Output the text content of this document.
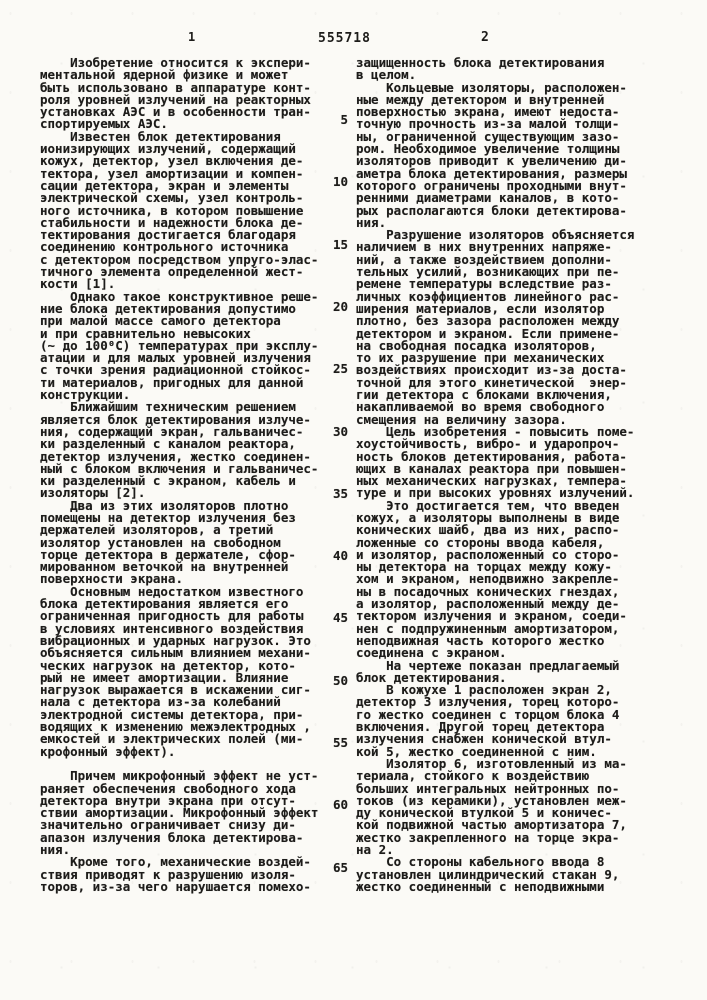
1	555718	2
Изобретение относится к экспери-
ментальной ядерной физике и может
быть использовано в аппаратуре конт-
роля уровней излучений на реакторных
установках АЭС и в особенности тран-
спортируемых АЭС.
Известен блок детектирования
ионизирующих излучений, содержащий
кожух, детектор, узел включения де-
тектора, узел амортизации и компен-
сации детектора, экран и элементы
электрической схемы, узел контроль-
ного источника, в котором повышение
стабильности и надежности блока де-
тектирования достигается благодаря
соединению контрольного источника
с детектором посредством упруго-элас-
тичного элемента определенной жест-
кости [1].
Однако такое конструктивное реше-
ние блока детектирования допустимо
при малой массе самого детектора
и при сравнительно невысоких
(~ до 100⁰С) температурах при эксплу-
атации и для малых уровней излучения
с точки зрения радиационной стойкос-
ти материалов, пригодных для данной
конструкции.
Ближайшим техническим решением
является блок детектирования излуче-
ния, содержащий экран, гальваничес-
ки разделенный с каналом реактора,
детектор излучения, жестко соединен-
ный с блоком включения и гальваничес-
ки разделенный с экраном, кабель и
изоляторы [2].
Два из этих изоляторов плотно
помещены на детектор излучения без
держателей изоляторов, а третий
изолятор установлен на свободном
торце детектора в держателе, сфор-
мированном веточкой на внутренней
поверхности экрана.
Основным недостатком известного
блока детектирования является его
ограниченная пригодность для работы
в условиях интенсивного воздействия
вибрационных и ударных нагрузок. Это
объясняется сильным влиянием механи-
ческих нагрузок на детектор, кото-
рый не имеет амортизации. Влияние
нагрузок выражается в искажении сиг-
нала с детектора из-за колебаний
электродной системы детектора, при-
водящих к изменению межэлектродных ,
емкостей и электрических полей (ми-
крофонный эффект).
Причем микрофонный эффект не уст-
раняет обеспечения свободного хода
детектора внутри экрана при отсут-
ствии амортизации. Микрофонный эффект
значительно ограничивает снизу ди-
апазон излучения блока детектирова-
ния.
Кроме того, механические воздей-
ствия приводят к разрушению изоля-
торов, из-за чего нарушается помехо-
5
10
15
20
25
30
35
40
45
50
55
60
65
защищенность блока детектирования
в целом.
Кольцевые изоляторы, расположен-
ные между детектором и внутренней
поверхностью экрана, имеют недоста-
точную прочность из-за малой толщи-
ны, ограниченной существующим зазо-
ром. Необходимое увеличение толщины
изоляторов приводит к увеличению ди-
аметра блока детектирования, размеры
которого ограничены проходными внут-
ренними диаметрами каналов, в кото-
рых располагаются блоки детектирова-
ния.
Разрушение изоляторов объясняется
наличием в них внутренних напряже-
ний, а также воздействием дополни-
тельных усилий, возникающих при пе-
ремене температуры вследствие раз-
личных коэффициентов линейного рас-
ширения материалов, если изолятор
плотно, без зазора расположен между
детектором и экраном. Если примене-
на свободная посадка изоляторов,
то их разрушение при механических
воздействиях происходит из-за доста-
точной для этого кинетической  энер-
гии детектора с блоками включения,
накапливаемой во время свободного
смещения на величину зазора.
Цель изобретения - повысить поме-
хоустойчивость, вибро- и ударопроч-
ность блоков детектирования, работа-
ющих в каналах реактора при повышен-
ных механических нагрузках, темпера-
туре и при высоких уровнях излучений.
Это достигается тем, что введен
кожух, а изоляторы выполнены в виде
конических шайб, два из них, распо-
ложенные со стороны ввода кабеля,
и изолятор, расположенный со сторо-
ны детектора на торцах между кожу-
хом и экраном, неподвижно закрепле-
ны в посадочных конических гнездах,
а изолятор, расположенный между де-
тектором излучения и экраном, соеди-
нен с подпружиненным амортизатором,
неподвижная часть которого жестко
соединена с экраном.
На чертеже показан предлагаемый
блок детектирования.
В кожухе 1 расположен экран 2,
детектор 3 излучения, торец которо-
го жестко соединен с торцом блока 4
включения. Другой торец детектора
излучения снабжен конической втул-
кой 5, жестко соединенной с ним.
Изолятор 6, изготовленный из ма-
териала, стойкого к воздействию
больших интегральных нейтронных по-
токов (из керамики), установлен меж-
ду конической втулкой 5 и коничес-
кой подвижной частью амортизатора 7,
жестко закрепленного на торце экра-
на 2.
Со стороны кабельного ввода 8
установлен цилиндрический стакан 9,
жестко соединенный с неподвижными
